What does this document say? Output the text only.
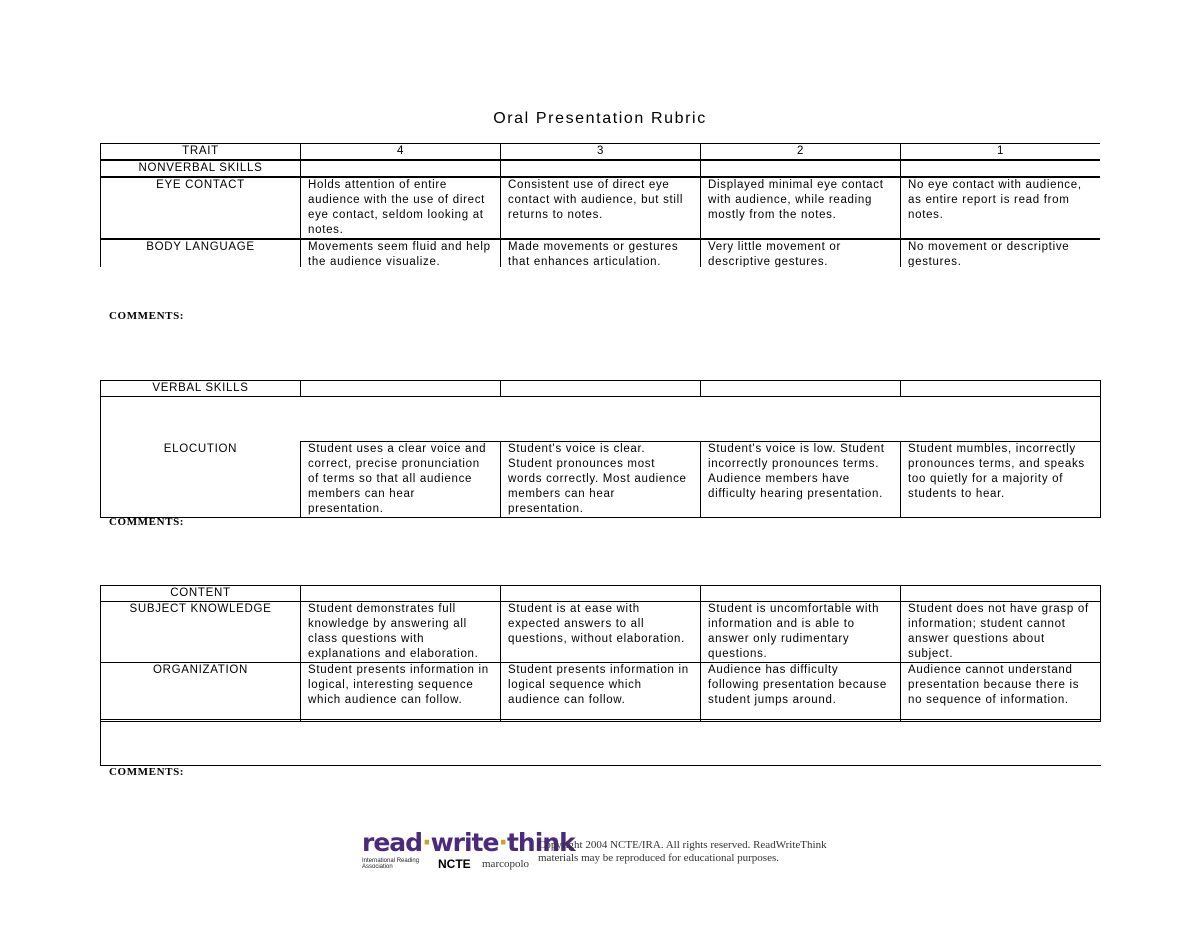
Oral Presentation Rubric
TRAIT	4	3	2	1
NONVERBAL SKILLS				
EYE CONTACT	Holds attention of entire audience with the use of direct eye contact, seldom looking at notes.	Consistent use of direct eye contact with audience, but still returns to notes.	Displayed minimal eye contact with audience, while reading mostly from the notes.	No eye contact with audience, as entire report is read from notes.
BODY LANGUAGE	Movements seem fluid and help the audience visualize.	Made movements or gestures that enhances articulation.	Very little movement or descriptive gestures.	No movement or descriptive gestures.
COMMENTS:
VERBAL SKILLS				

ELOCUTION	Student uses a clear voice and correct, precise pronunciation of terms so that all audience members can hear presentation.	Student's voice is clear. Student pronounces most words correctly. Most audience members can hear presentation.	Student's voice is low. Student incorrectly pronounces terms. Audience members have difficulty hearing presentation.	Student mumbles, incorrectly pronounces terms, and speaks too quietly for a majority of students to hear.
COMMENTS:
CONTENT				
SUBJECT KNOWLEDGE	Student demonstrates full knowledge by answering all class questions with explanations and elaboration.	Student is at ease with expected answers to all questions, without elaboration.	Student is uncomfortable with information and is able to answer only rudimentary questions.	Student does not have grasp of information; student cannot answer questions about subject.
ORGANIZATION	Student presents information in logical, interesting sequence which audience can follow.	Student presents information in logical sequence which audience can follow.	Audience has difficulty following presentation because student jumps around.	Audience cannot understand presentation because there is no sequence of information.
COMMENTS:
read·write·think
International Reading Association	NCTE marcopolo
Copyright 2004 NCTE/IRA. All rights reserved. ReadWriteThink materials may be reproduced for educational purposes.
